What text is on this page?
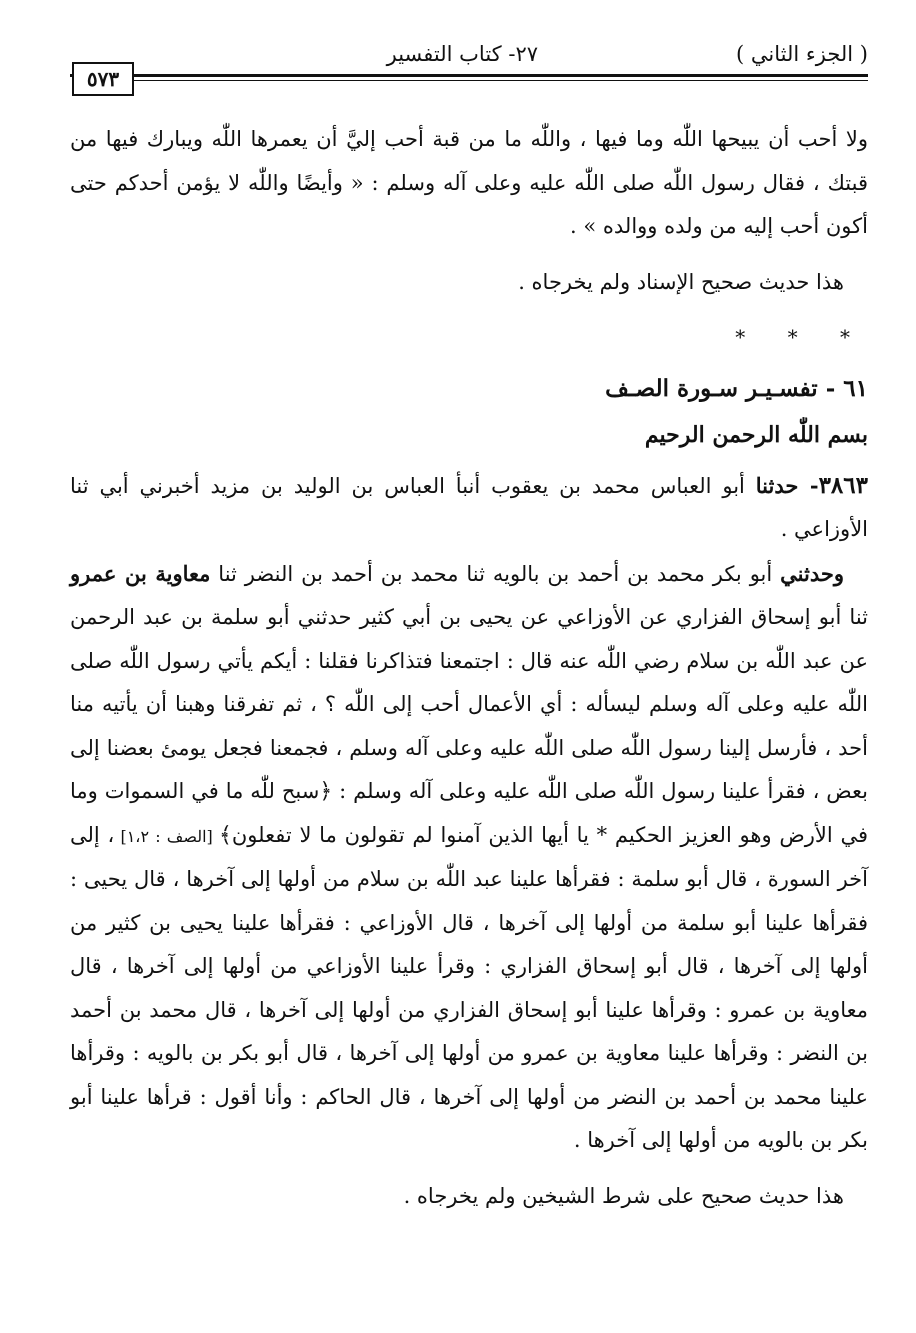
( الجزء الثاني )
٢٧- كتاب التفسير
٥٧٣

ولا أحب أن يبيحها اللّٰه وما فيها ، واللّٰه ما من قبة أحب إليَّ أن يعمرها اللّٰه ويبارك فيها من قبتك ، فقال رسول اللّٰه صلى اللّٰه عليه وعلى آله وسلم : « وأيضًا واللّٰه لا يؤمن أحدكم حتى أكون أحب إليه من ولده ووالده » .

هذا حديث صحيح الإسناد ولم يخرجاه .

* * *
٦١ - تفسـيـر سـورة الصـف
بسم اللّٰه الرحمن الرحيم

٣٨٦٣- حدثنا أبو العباس محمد بن يعقوب أنبأ العباس بن الوليد بن مزيد أخبرني أبي ثنا الأوزاعي .

وحدثني أبو بكر محمد بن أحمد بن بالويه ثنا محمد بن أحمد بن النضر ثنا معاوية بن عمرو ثنا أبو إسحاق الفزاري عن الأوزاعي عن يحيى بن أبي كثير حدثني أبو سلمة بن عبد الرحمن عن عبد اللّٰه بن سلام رضي اللّٰه عنه قال : اجتمعنا فتذاكرنا فقلنا : أيكم يأتي رسول اللّٰه صلى اللّٰه عليه وعلى آله وسلم ليسأله : أي الأعمال أحب إلى اللّٰه ؟ ، ثم تفرقنا وهبنا أن يأتيه منا أحد ، فأرسل إلينا رسول اللّٰه صلى اللّٰه عليه وعلى آله وسلم ، فجمعنا فجعل يومئ بعضنا إلى بعض ، فقرأ علينا رسول اللّٰه صلى اللّٰه عليه وعلى آله وسلم : ﴿سبح للّٰه ما في السموات وما في الأرض وهو العزيز الحكيم * يا أيها الذين آمنوا لم تقولون ما لا تفعلون﴾ [الصف : ١،٢] ، إلى آخر السورة ، قال أبو سلمة : فقرأها علينا عبد اللّٰه بن سلام من أولها إلى آخرها ، قال يحيى : فقرأها علينا أبو سلمة من أولها إلى آخرها ، قال الأوزاعي : فقرأها علينا يحيى بن كثير من أولها إلى آخرها ، قال أبو إسحاق الفزاري : وقرأ علينا الأوزاعي من أولها إلى آخرها ، قال معاوية بن عمرو : وقرأها علينا أبو إسحاق الفزاري من أولها إلى آخرها ، قال محمد بن أحمد بن النضر : وقرأها علينا معاوية بن عمرو من أولها إلى آخرها ، قال أبو بكر بن بالويه : وقرأها علينا محمد بن أحمد بن النضر من أولها إلى آخرها ، قال الحاكم : وأنا أقول : قرأها علينا أبو بكر بن بالويه من أولها إلى آخرها .

هذا حديث صحيح على شرط الشيخين ولم يخرجاه .
